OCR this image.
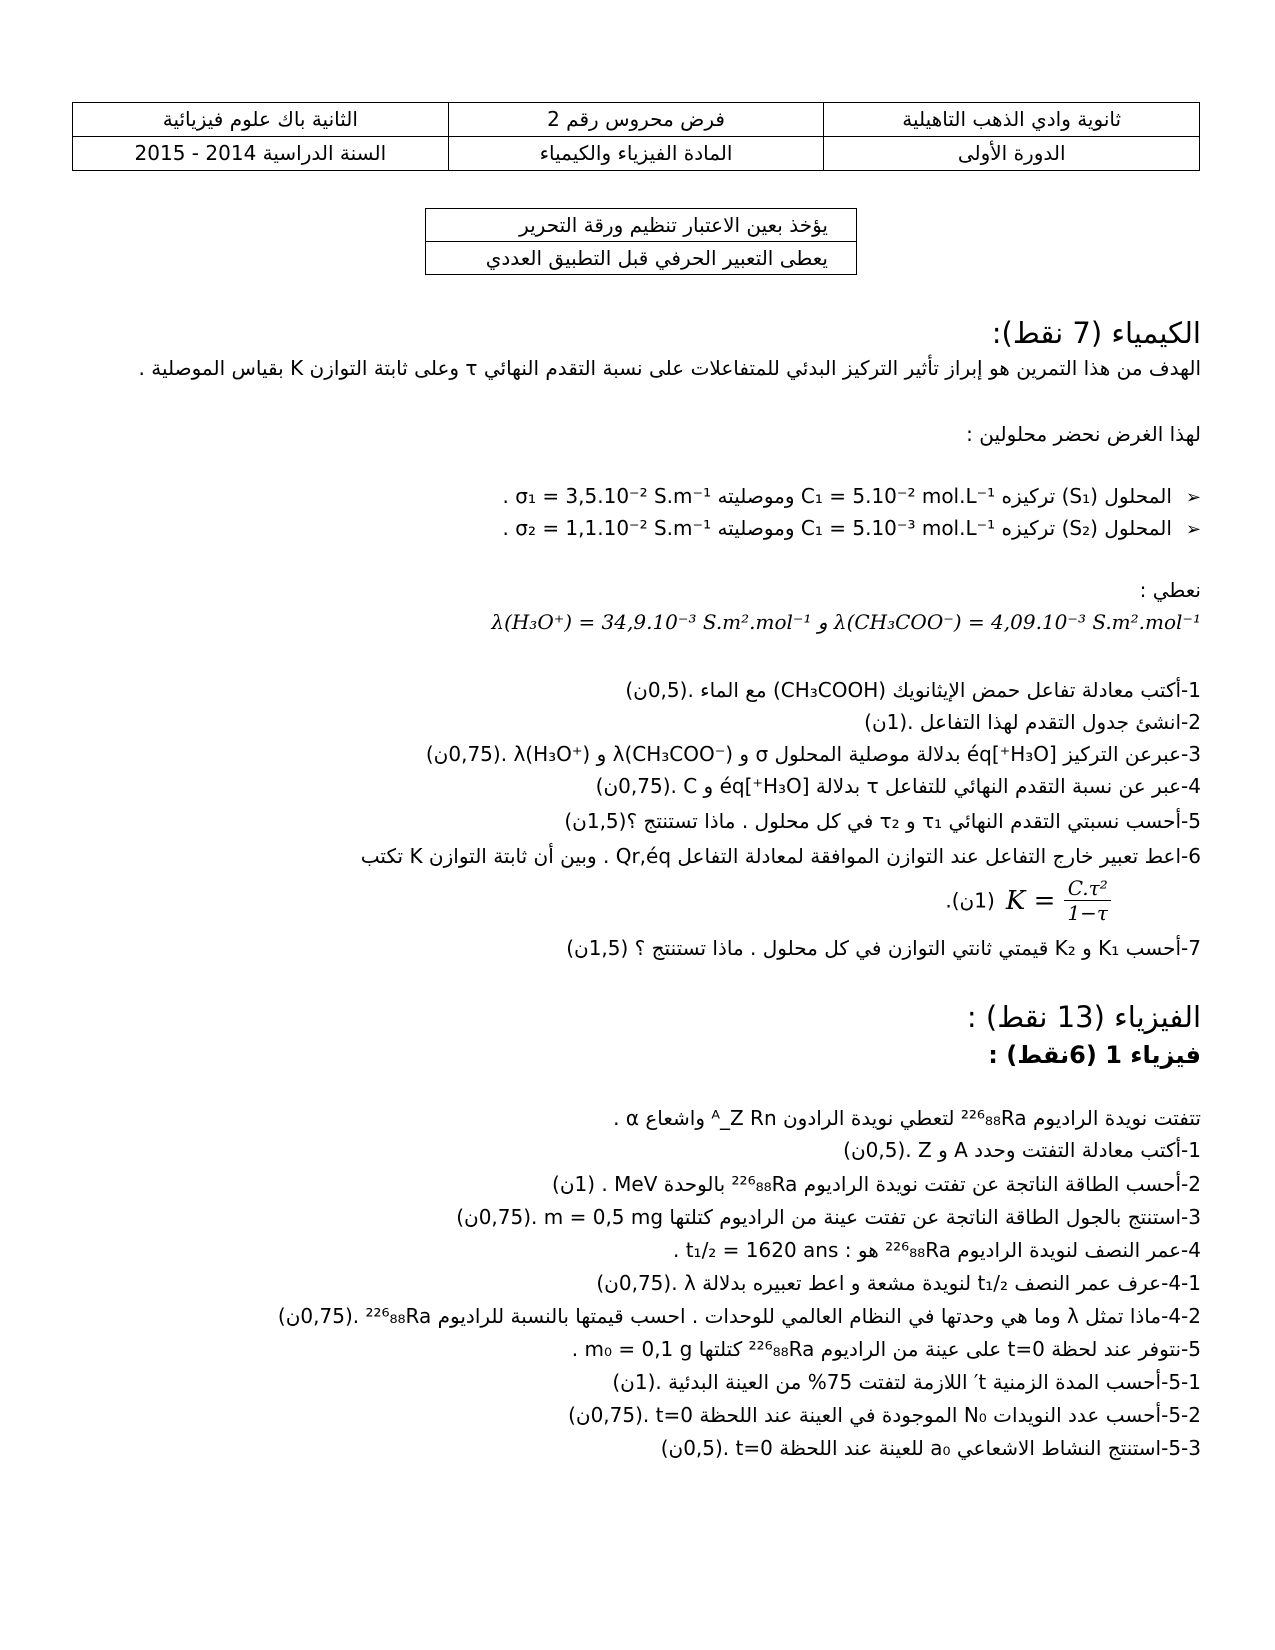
ثانوية وادي الذهب التاهيلية	فرض محروس رقم 2	الثانية باك علوم فيزيائية
الدورة الأولى	المادة الفيزياء والكيمياء	السنة الدراسية 2014 - 2015
يؤخذ بعين الاعتبار تنظيم ورقة التحرير
يعطى التعبير الحرفي قبل التطبيق العددي
الكيمياء (7 نقط):
الهدف من هذا التمرين هو إبراز تأثير التركيز البدئي للمتفاعلات على نسبة التقدم النهائي τ وعلى ثابتة التوازن K بقياس الموصلية .
لهذا الغرض نحضر محلولين :
➢المحلول (S₁) تركيزه C₁ = 5.10⁻² mol.L⁻¹ وموصليته σ₁ = 3,5.10⁻² S.m⁻¹ .
➢المحلول (S₂) تركيزه C₁ = 5.10⁻³ mol.L⁻¹ وموصليته σ₂ = 1,1.10⁻² S.m⁻¹ .
نعطي :
λ(H₃O⁺) = 34,9.10⁻³ S.m².mol⁻¹ و λ(CH₃COO⁻) = 4,09.10⁻³ S.m².mol⁻¹
1-أكتب معادلة تفاعل حمض الإيثانويك (CH₃COOH) مع الماء .(0,5ن)
2-انشئ جدول التقدم لهذا التفاعل .(1ن)
3-عبرعن التركيز [H₃O⁺]éq بدلالة موصلية المحلول σ و λ(CH₃COO⁻) و λ(H₃O⁺) .(0,75ن)
4-عبر عن نسبة التقدم النهائي للتفاعل τ بدلالة [H₃O⁺]éq و C .(0,75ن)
5-أحسب نسبتي التقدم النهائي τ₁ و τ₂ في كل محلول . ماذا تستنتج ؟(1,5ن)
6-اعط تعبير خارج التفاعل عند التوازن الموافقة لمعادلة التفاعل Qr,éq . وبين أن ثابتة التوازن K تكتب
(1ن). $K = \frac{\text{C.τ²}}{1-\tau}$
7-أحسب K₁ و K₂ قيمتي ثانتي التوازن في كل محلول . ماذا تستنتج ؟ (1,5ن)
الفيزياء (13 نقط) :
فيزياء 1 (6نقط) :
تتفتت نويدة الراديوم ²²⁶₈₈Ra لتعطي نويدة الرادون ᴬ_Z Rn واشعاع α .
1-أكتب معادلة التفتت وحدد A و Z .(0,5ن)
2-أحسب الطاقة الناتجة عن تفتت نويدة الراديوم ²²⁶₈₈Ra بالوحدة MeV . (1ن)
3-استنتج بالجول الطاقة الناتجة عن تفتت عينة من الراديوم كتلتها m = 0,5 mg .(0,75ن)
4-عمر النصف لنويدة الراديوم ²²⁶₈₈Ra هو : t₁/₂ = 1620 ans .
4-1-عرف عمر النصف t₁/₂ لنويدة مشعة و اعط تعبيره بدلالة λ .(0,75ن)
4-2-ماذا تمثل λ وما هي وحدتها في النظام العالمي للوحدات . احسب قيمتها بالنسبة للراديوم ²²⁶₈₈Ra .(0,75ن)
5-نتوفر عند لحظة t=0 على عينة من الراديوم ²²⁶₈₈Ra كتلتها m₀ = 0,1 g .
5-1-أحسب المدة الزمنية t′ اللازمة لتفتت 75% من العينة البدئية .(1ن)
5-2-أحسب عدد النويدات N₀ الموجودة في العينة عند اللحظة t=0 .(0,75ن)
5-3-استنتج النشاط الاشعاعي a₀ للعينة عند اللحظة t=0 .(0,5ن)
